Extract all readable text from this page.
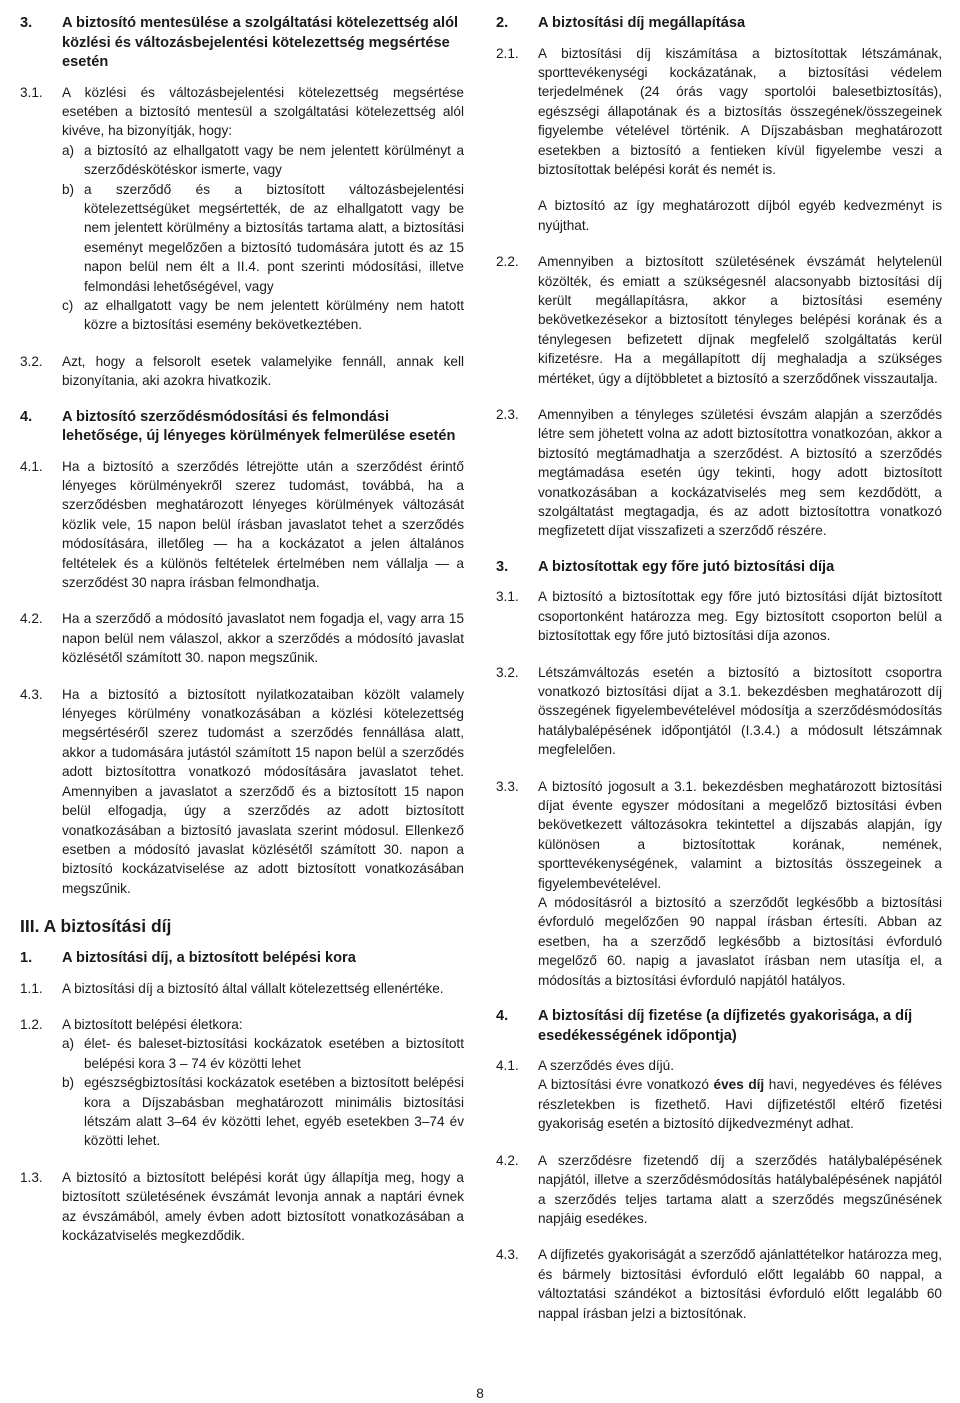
3.	A biztosító mentesülése a szolgáltatási kötelezettség alól közlési és változásbejelentési kötelezettség megsértése esetén
3.1.	A közlési és változásbejelentési kötelezettség megsértése esetében a biztosító mentesül a szolgáltatási kötelezettség alól kivéve, ha bizonyítják, hogy:

a) a biztosító az elhallgatott vagy be nem jelentett körülményt a szerződéskötéskor ismerte, vagy
b) a szerződő és a biztosított változásbejelentési kötelezettségüket megsértették, de az elhallgatott vagy be nem jelentett körülmény a biztosítás tartama alatt, a biztosítási eseményt megelőzően a biztosító tudomására jutott és az 15 napon belül nem élt a II.4. pont szerinti módosítási, illetve felmondási lehetőségével, vagy
c) az elhallgatott vagy be nem jelentett körülmény nem hatott közre a biztosítási esemény bekövetkeztében.
3.2.	Azt, hogy a felsorolt esetek valamelyike fennáll, annak kell bizonyítania, aki azokra hivatkozik.

4.	A biztosító szerződésmódosítási és felmondási lehetősége, új lényeges körülmények felmerülése esetén
4.1.	Ha a biztosító a szerződés létrejötte után a szerződést érintő lényeges körülményekről szerez tudomást, továbbá, ha a szerződésben meghatározott lényeges körülmények változását közlik vele, 15 napon belül írásban javaslatot tehet a szerződés módosítására, illetőleg — ha a kockázatot a jelen általános feltételek és a különös feltételek értelmében nem vállalja — a szerződést 30 napra írásban felmondhatja.

4.2.	Ha a szerződő a módosító javaslatot nem fogadja el, vagy arra 15 napon belül nem válaszol, akkor a szerződés a módosító javaslat közlésétől számított 30. napon megszűnik.

4.3.	Ha a biztosító a biztosított nyilatkozataiban közölt valamely lényeges körülmény vonatkozásában a közlési kötelezettség megsértéséről szerez tudomást a szerződés fennállása alatt, akkor a tudomására jutástól számított 15 napon belül a szerződés adott biztosítottra vonatkozó módosítására javaslatot tehet. Amennyiben a javaslatot a szerződő és a biztosított 15 napon belül elfogadja, úgy a szerződés az adott biztosított vonatkozásában a biztosító javaslata szerint módosul. Ellenkező esetben a módosító javaslat közlésétől számított 30. napon a biztosító kockázatviselése az adott biztosított vonatkozásában megszűnik.

III. A biztosítási díj
1.	A biztosítási díj, a biztosított belépési kora
1.1.	A biztosítási díj a biztosító által vállalt kötelezettség ellenértéke.

1.2.	A biztosított belépési életkora:

a) élet- és baleset-biztosítási kockázatok esetében a biztosított belépési kora 3 – 74 év közötti lehet
b) egészségbiztosítási kockázatok esetében a biztosított belépési kora a Díjszabásban meghatározott minimális biztosítási létszám alatt 3–64 év közötti lehet, egyéb esetekben 3–74 év közötti lehet.
1.3.	A biztosító a biztosított belépési korát úgy állapítja meg, hogy a biztosított születésének évszámát levonja annak a naptári évnek az évszámából, amely évben adott biztosított vonatkozásában a kockázatviselés megkezdődik.

2.	A biztosítási díj megállapítása
2.1.	A biztosítási díj kiszámítása a biztosítottak létszámának, sporttevékenységi kockázatának, a biztosítási védelem terjedelmének (24 órás vagy sportolói balesetbiztosítás), egészségi állapotának és a biztosítás összegének/összegeinek figyelembe vételével történik. A Díjszabásban meghatározott esetekben a biztosító a fentieken kívül figyelembe veszi a biztosítottak belépési korát és nemét is.

A biztosító az így meghatározott díjból egyéb kedvezményt is nyújthat.

2.2.	Amennyiben a biztosított születésének évszámát helytelenül közölték, és emiatt a szükségesnél alacsonyabb biztosítási díj került megállapításra, akkor a biztosítási esemény bekövetkezésekor a biztosított tényleges belépési korának és a ténylegesen befizetett díjnak megfelelő szolgáltatás kerül kifizetésre. Ha a megállapított díj meghaladja a szükséges mértéket, úgy a díjtöbbletet a biztosító a szerződőnek visszautalja.

2.3.	Amennyiben a tényleges születési évszám alapján a szerződés létre sem jöhetett volna az adott biztosítottra vonatkozóan, akkor a biztosító megtámadhatja a szerződést. A biztosító a szerződés megtámadása esetén úgy tekinti, hogy adott biztosított vonatkozásában a kockázatviselés meg sem kezdődött, a szolgáltatást megtagadja, és az adott biztosítottra vonatkozó megfizetett díjat visszafizeti a szerződő részére.

3.	A biztosítottak egy főre jutó biztosítási díja
3.1.	A biztosító a biztosítottak egy főre jutó biztosítási díját biztosított csoportonként határozza meg. Egy biztosított csoporton belül a biztosítottak egy főre jutó biztosítási díja azonos.

3.2.	Létszámváltozás esetén a biztosító a biztosított csoportra vonatkozó biztosítási díjat a 3.1. bekezdésben meghatározott díj összegének figyelembevételével módosítja a szerződésmódosítás hatálybalépésének időpontjától (I.3.4.) a módosult létszámnak megfelelően.

3.3.	A biztosító jogosult a 3.1. bekezdésben meghatározott biztosítási díjat évente egyszer módosítani a megelőző biztosítási évben bekövetkezett változásokra tekintettel a díjszabás alapján, így különösen a biztosítottak korának, nemének, sporttevékenységének, valamint a biztosítás összegeinek a figyelembevételével.

A módosításról a biztosító a szerződőt legkésőbb a biztosítási évforduló megelőzően 90 nappal írásban értesíti. Abban az esetben, ha a szerződő legkésőbb a biztosítási évforduló megelőző 60. napig a javaslatot írásban nem utasítja el, a módosítás a biztosítási évforduló napjától hatályos.

4.	A biztosítási díj fizetése (a díjfizetés gyakorisága, a díj esedékességének időpontja)
4.1.	A szerződés éves díjú.

A biztosítási évre vonatkozó éves díj havi, negyedéves és féléves részletekben is fizethető. Havi díjfizetéstől eltérő fizetési gyakoriság esetén a biztosító díjkedvezményt adhat.

4.2.	A szerződésre fizetendő díj a szerződés hatálybalépésének napjától, illetve a szerződésmódosítás hatálybalépésének napjától a szerződés teljes tartama alatt a szerződés megszűnésének napjáig esedékes.

4.3.	A díjfizetés gyakoriságát a szerződő ajánlattételkor határozza meg, és bármely biztosítási évforduló előtt legalább 60 nappal, a változtatási szándékot a biztosítási évforduló előtt legalább 60 nappal írásban jelzi a biztosítónak.

8
